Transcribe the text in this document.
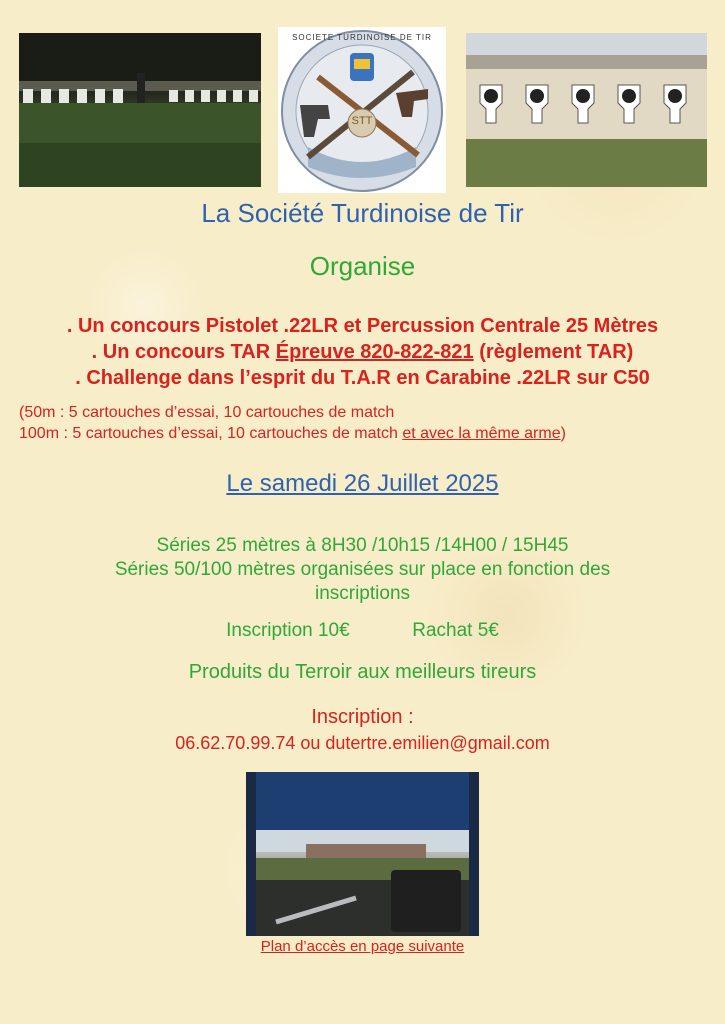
STT
SOCIETE TURDINOISE DE TIR
La Société Turdinoise de Tir
Organise
. Un concours Pistolet .22LR et Percussion Centrale 25 Mètres
. Un concours TAR Épreuve 820-822-821 (règlement TAR)
. Challenge dans l’esprit du T.A.R en Carabine .22LR sur C50
(50m : 5 cartouches d’essai, 10 cartouches de match
100m : 5 cartouches d’essai, 10 cartouches de match et avec la même arme)
Le samedi 26 Juillet 2025
Séries 25 mètres à 8H30 /10h15 /14H00 / 15H45
Séries 50/100 mètres organisées sur place en fonction des
inscriptions
Inscription 10€	Rachat 5€
Produits du Terroir aux meilleurs tireurs
Inscription :
06.62.70.99.74 ou dutertre.emilien@gmail.com
Plan d’accès en page suivante
